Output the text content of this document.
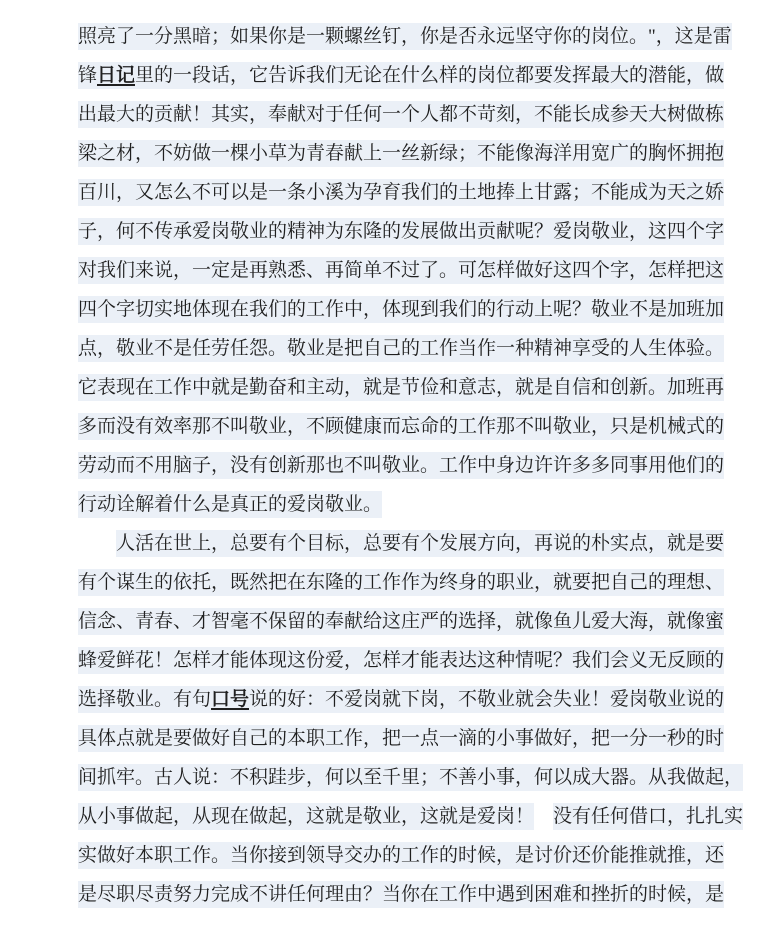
照亮了一分黑暗；如果你是一颗螺丝钉，你是否永远坚守你的岗位。"，这是雷
锋日记里的一段话，它告诉我们无论在什么样的岗位都要发挥最大的潜能，做
出最大的贡献！其实，奉献对于任何一个人都不苛刻，不能长成参天大树做栋
梁之材，不妨做一棵小草为青春献上一丝新绿；不能像海洋用宽广的胸怀拥抱
百川，又怎么不可以是一条小溪为孕育我们的土地捧上甘露；不能成为天之娇
子，何不传承爱岗敬业的精神为东隆的发展做出贡献呢？爱岗敬业，这四个字
对我们来说，一定是再熟悉、再简单不过了。可怎样做好这四个字，怎样把这
四个字切实地体现在我们的工作中，体现到我们的行动上呢？敬业不是加班加
点，敬业不是任劳任怨。敬业是把自己的工作当作一种精神享受的人生体验。
它表现在工作中就是勤奋和主动，就是节俭和意志，就是自信和创新。加班再
多而没有效率那不叫敬业，不顾健康而忘命的工作那不叫敬业，只是机械式的
劳动而不用脑子，没有创新那也不叫敬业。工作中身边许许多多同事用他们的
行动诠解着什么是真正的爱岗敬业。
人活在世上，总要有个目标，总要有个发展方向，再说的朴实点，就是要
有个谋生的依托，既然把在东隆的工作作为终身的职业，就要把自己的理想、
信念、青春、才智毫不保留的奉献给这庄严的选择，就像鱼儿爱大海，就像蜜
蜂爱鲜花！怎样才能体现这份爱，怎样才能表达这种情呢？我们会义无反顾的
选择敬业。有句口号说的好：不爱岗就下岗，不敬业就会失业！爱岗敬业说的
具体点就是要做好自己的本职工作，把一点一滴的小事做好，把一分一秒的时
间抓牢。古人说：不积跬步，何以至千里；不善小事，何以成大器。从我做起，
从小事做起，从现在做起，这就是敬业，这就是爱岗！　 没有任何借口，扎扎实
实做好本职工作。当你接到领导交办的工作的时候，是讨价还价能推就推，还
是尽职尽责努力完成不讲任何理由？当你在工作中遇到困难和挫折的时候，是
